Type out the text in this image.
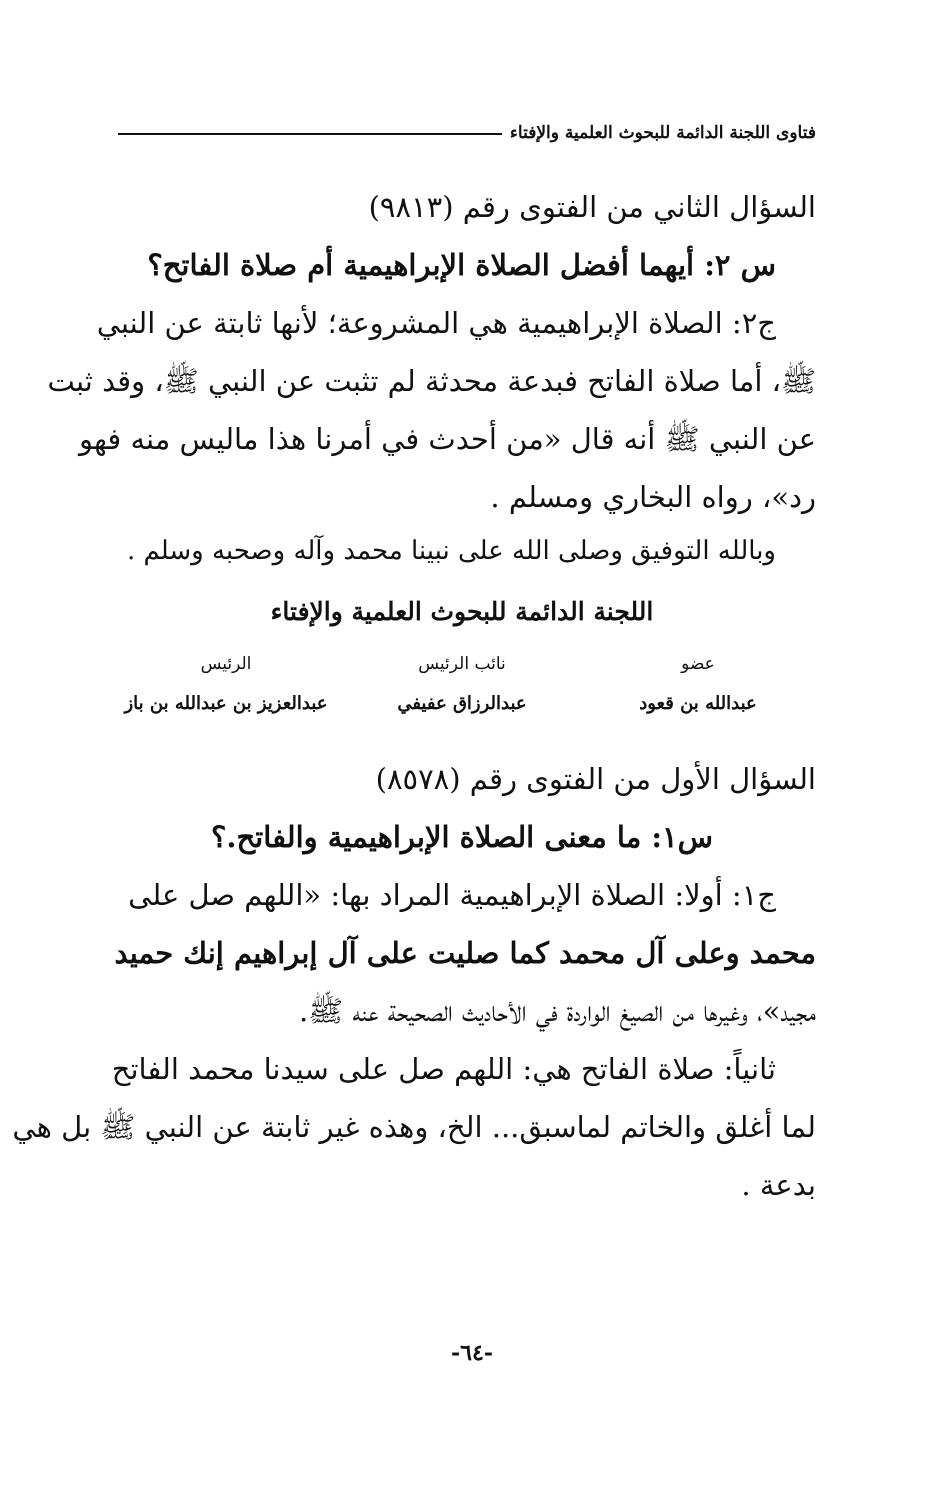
فتاوى اللجنة الدائمة للبحوث العلمية والإفتاء

السؤال الثاني من الفتوى رقم (٩٨١٣)

س ٢: أيهما أفضل الصلاة الإبراهيمية أم صلاة الفاتح؟

ج٢: الصلاة الإبراهيمية هي المشروعة؛ لأنها ثابتة عن النبي

ﷺ، أما صلاة الفاتح فبدعة محدثة لم تثبت عن النبي ﷺ، وقد ثبت

عن النبي ﷺ أنه قال «من أحدث في أمرنا هذا ماليس منه فهو

رد»، رواه البخاري ومسلم .

وبالله التوفيق وصلى الله على نبينا محمد وآله وصحبه وسلم .

اللجنة الدائمة للبحوث العلمية والإفتاء
عضو
عبدالله بن قعود
نائب الرئيس
عبدالرزاق عفيفي
الرئيس
عبدالعزيز بن عبدالله بن باز

السؤال الأول من الفتوى رقم (٨٥٧٨)

س١: ما معنى الصلاة الإبراهيمية والفاتح.؟

ج١: أولا: الصلاة الإبراهيمية المراد بها: «اللهم صل على

محمد وعلى آل محمد كما صليت على آل إبراهيم إنك حميد

مجيد»، وغيرها من الصيغ الواردة في الأحاديث الصحيحة عنه ﷺ.

ثانياً: صلاة الفاتح هي: اللهم صل على سيدنا محمد الفاتح

لما أغلق والخاتم لماسبق... الخ، وهذه غير ثابتة عن النبي ﷺ بل هي

بدعة .

-٦٤-
